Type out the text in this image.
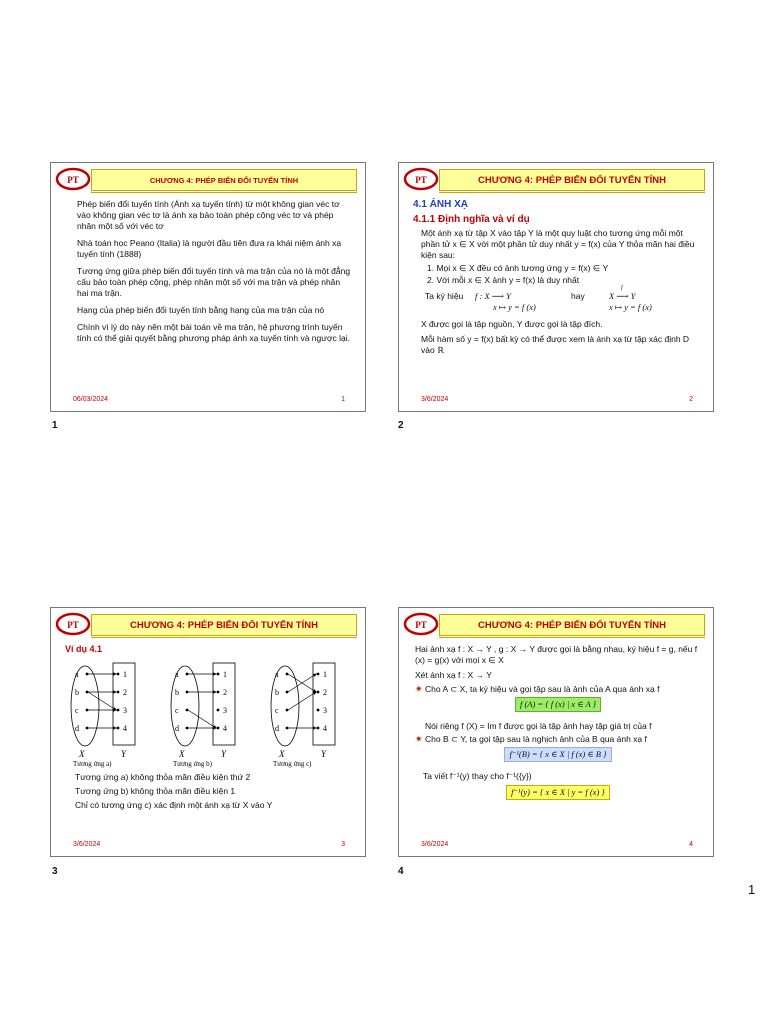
PT	CHƯƠNG 4: PHÉP BIẾN ĐỔI TUYẾN TÍNH

Phép biến đổi tuyến tính (Ánh xạ tuyến tính) từ một không gian véc tơ vào không gian véc tơ là ánh xạ bảo toàn phép cộng véc tơ và phép nhân một số với véc tơ

Nhà toán học Peano (Italia) là người đầu tiên đưa ra khái niệm ánh xạ tuyến tính (1888)

Tương ứng giữa phép biến đổi tuyến tính và ma trận của nó là một đẳng cấu bảo toàn phép cộng, phép nhân một số với ma trận và phép nhân hai ma trận.

Hạng của phép biến đổi tuyến tính bằng hạng của ma trận của nó

Chính vì lý do này nên một bài toán về ma trận, hệ phương trình tuyến tính có thể giải quyết bằng phương pháp ánh xạ tuyến tính và ngược lại.

06/03/2024	1
1
PT	CHƯƠNG 4: PHÉP BIẾN ĐỔI TUYẾN TÍNH
4.1 ÁNH XẠ
4.1.1 Định nghĩa và ví dụ

Một ánh xạ từ tập X vào tập Y là một quy luật cho tương ứng mỗi một phần tử x ∈ X với một phần tử duy nhất y = f(x) của Y thỏa mãn hai điều kiện sau:

1. Mọi x ∈ X đều có ảnh tương ứng y = f(x) ∈ Y

2. Với mỗi x ∈ X ảnh y = f(x) là duy nhất

Ta ký hiệu f : X ⟶ Y
x ↦ y = f (x)
hay
f
X ⟶ Y
x ↦ y = f (x)

X được gọi là tập nguồn, Y được gọi là tập đích.

Mỗi hàm số y = f(x) bất kỳ có thể được xem là ánh xạ từ tập xác định D vào ℝ

3/6/2024	2
2
PT	CHƯƠNG 4: PHÉP BIẾN ĐỔI TUYẾN TÍNH
Ví dụ 4.1
a
b
c
d
1
2
3
4
X	Y
Tương ứng a)
a
b
c
d
1
2
3
4
X	Y
Tương ứng b)
a
b
c
d
1
2
3
4
X	Y
Tương ứng c)

Tương ứng a) không thỏa mãn điều kiện thứ 2

Tương ứng b) không thỏa mãn điều kiện 1

Chỉ có tương ứng c) xác định một ánh xạ từ X vào Y

3/6/2024	3
3
PT	CHƯƠNG 4: PHÉP BIẾN ĐỔI TUYẾN TÍNH

Hai ánh xạ f : X → Y , g : X → Y được gọi là bằng nhau, ký hiệu f = g, nếu f (x) = g(x) với mọi x ∈ X

Xét ánh xạ f : X → Y

✷ Cho A ⊂ X, ta ký hiệu và gọi tập sau là ảnh của A qua ánh xạ f

f (A) = { f (x) | x ∈ A }

Nói riêng f (X) = Im f được gọi là tập ảnh hay tập giá trị của f

✷ Cho B ⊂ Y, ta gọi tập sau là nghịch ảnh của B qua ánh xạ f

f⁻¹(B) = { x ∈ X | f (x) ∈ B }

Ta viết f⁻¹(y) thay cho f⁻¹({y})

f⁻¹(y) = { x ∈ X | y = f (x) }
3/6/2024	4
4
1
